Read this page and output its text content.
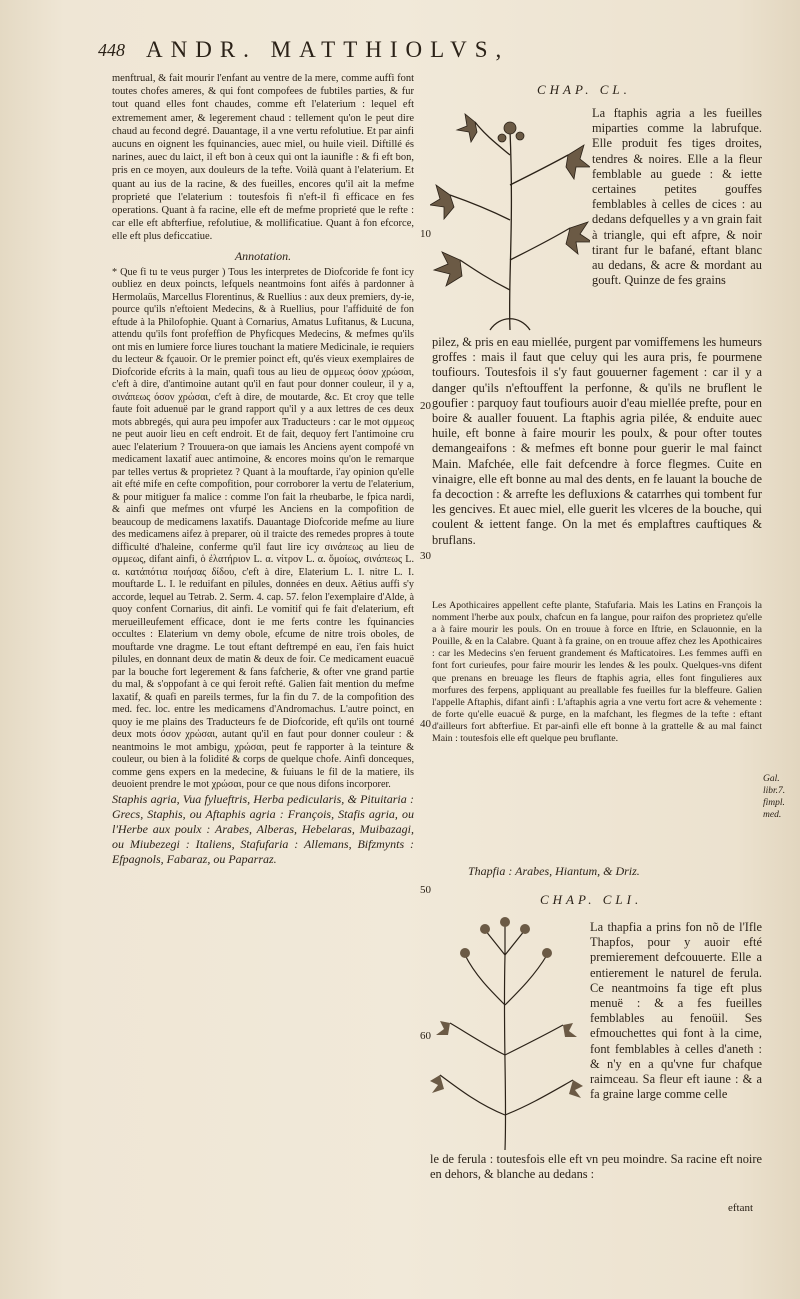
448 ANDR. MATTHIOLVS,

menftrual, & fait mourir l'enfant au ventre de la mere, comme auffi font toutes chofes ameres, & qui font compofees de fubtiles parties, & fur tout quand elles font chaudes, comme eft l'elaterium : lequel eft extremement amer, & legerement chaud : tellement qu'on le peut dire chaud au fecond degré. Dauantage, il a vne vertu refolutiue. Et par ainfi aucuns en oignent les fquinancies, auec miel, ou huile vieil. Diftillé és narines, auec du laict, il eft bon à ceux qui ont la iaunifle : & fi eft bon, pris en ce moyen, aux douleurs de la tefte. Voilà quant à l'elaterium. Et quant au ius de la racine, & des fueilles, encores qu'il ait la mefme proprieté que l'elaterium : toutesfois fi n'eft-il fi efficace en fes operations. Quant à fa racine, elle eft de mefme proprieté que le refte : car elle eft abfterfiue, refolutiue, & mollificatiue. Quant à fon efcorce, elle eft plus deficcatiue.

Annotation.

* Que fi tu te veus purger ) Tous les interpretes de Diofcoride fe font icy oubliez en deux poincts, lefquels neantmoins font aifés à pardonner à Hermolaüs, Marcellus Florentinus, & Ruellius : aux deux premiers, dy-ie, pource qu'ils n'eftoient Medecins, & à Ruellius, pour l'affiduité de fon eftude à la Philofophie. Quant à Cornarius, Amatus Lufitanus, & Lucuna, attendu qu'ils font profeffion de Phyficques Medecins, & mefmes qu'ils ont mis en lumiere force liures touchant la matiere Medicinale, ie requiers du lecteur & fçauoir. Or le premier poinct eft, qu'és vieux exemplaires de Diofcoride efcrits à la main, quafi tous au lieu de σμμεως όσον χρώσαι, c'eft à dire, d'antimoine autant qu'il en faut pour donner couleur, il y a, σινάπεως όσον χρώσαι, c'eft à dire, de moutarde, &c. Et croy que telle faute foit aduenuë par le grand rapport qu'il y a aux lettres de ces deux mots abbregés, qui aura peu impofer aux Traducteurs : car le mot σμμεως ne peut auoir lieu en ceft endroit. Et de fait, dequoy fert l'antimoine cru auec l'elaterium ? Trouuera-on que iamais les Anciens ayent compofé vn medicament laxatif auec antimoine, & encores moins qu'on le remarque par telles vertus & proprietez ? Quant à la mouftarde, i'ay opinion qu'elle ait efté mife en cefte compofition, pour corroborer la vertu de l'elaterium, & pour mitiguer fa malice : comme l'on fait la rheubarbe, le fpica nardi, & ainfi que mefmes ont vfurpé les Anciens en la compofition de beaucoup de medicamens laxatifs. Dauantage Diofcoride mefme au liure des medicamens aifez à preparer, où il traicte des remedes propres à toute difficulté d'haleine, conferme qu'il faut lire icy σινάπεως au lieu de σμμεως, difant ainfi, ὁ ἐλατήριον L. α. νίτρον L. α. ὅμοίως, σινάπεως L. α. κατάπότια ποιήσας δίδου, c'eft à dire, Elaterium L. I. nitre L. I. mouftarde L. I. le reduifant en pilules, données en deux. Aëtius auffi s'y accorde, lequel au Tetrab. 2. Serm. 4. cap. 57. felon l'exemplaire d'Alde, à quoy confent Cornarius, dit ainfi. Le vomitif qui fe fait d'elaterium, eft merueilleufement efficace, dont ie me ferts contre les fquinancies occultes : Elaterium vn demy obole, efcume de nitre trois oboles, de mouftarde vne dragme. Le tout eftant deftrempé en eau, i'en fais huict pilules, en donnant deux de matin & deux de foir. Ce medicament euacuë par la bouche fort legerement & fans fafcherie, & ofter vne grand partie du mal, & s'oppofant à ce qui feroit refté. Galien fait mention du mefme laxatif, & quafi en pareils termes, fur la fin du 7. de la compofition des med. fec. loc. entre les medicamens d'Andromachus. L'autre poinct, en quoy ie me plains des Traducteurs fe de Diofcoride, eft qu'ils ont tourné deux mots όσον χρώσαι, autant qu'il en faut pour donner couleur : & neantmoins le mot ambigu, χρώσαι, peut fe rapporter à la teinture & couleur, ou bien à la folidité & corps de quelque chofe. Ainfi donceques, comme gens expers en la medecine, & fuiuans le fil de la matiere, ils deuoient prendre le mot χρώσαι, pour ce que nous difons incorporer.

Staphis agria, Vua fylueftris, Herba pedicularis, & Pituitaria : Grecs, Staphis, ou Aftaphis agria : François, Stafis agria, ou l'Herbe aux poulx : Arabes, Alberas, Hebelaras, Muibazagi, ou Miubezegi : Italiens, Stafufaria : Allemans, Bifzmynts : Efpagnols, Fabaraz, ou Paparraz.

CHAP. CL.
La ftaphis agria a les fueilles miparties comme la labrufque. Elle produit fes tiges droites, tendres & noires. Elle a la fleur femblable au guede : & iette certaines petites gouffes femblables à celles de cices : au dedans defquelles y a vn grain fait à triangle, qui eft afpre, & noir tirant fur le bafané, eftant blanc au dedans, & acre & mordant au gouft. Quinze de fes grains
pilez, & pris en eau miellée, purgent par vomiffemens les humeurs groffes : mais il faut que celuy qui les aura pris, fe pourmene toufiours. Toutesfois il s'y faut gouuerner fagement : car il y a danger qu'ils n'eftouffent la perfonne, & qu'ils ne bruflent le goufier : parquoy faut toufiours auoir d'eau miellée prefte, pour en boire & aualler fouuent. La ftaphis agria pilée, & enduite auec huile, eft bonne à faire mourir les poulx, & pour ofter toutes demangeaifons : & mefmes eft bonne pour guerir le mal fainct Main. Mafchée, elle fait defcendre à force flegmes. Cuite en vinaigre, elle eft bonne au mal des dents, en fe lauant la bouche de fa decoction : & arrefte les defluxions & catarrhes qui tombent fur les gencives. Et auec miel, elle guerit les vlceres de la bouche, qui coulent & iettent fange. On la met és emplaftres cauftiques & bruflans.
Les Apothicaires appellent cefte plante, Stafufaria. Mais les Latins en François la nomment l'herbe aux poulx, chafcun en fa langue, pour raifon des proprietez qu'elle a à faire mourir les pouls. On en trouue à force en Iftrie, en Sclauonnie, en la Pouille, & en la Calabre. Quant à fa graine, on en trouue affez chez les Apothicaires : car les Medecins s'en feruent grandement és Mafticatoires. Les femmes auffi en font fort curieufes, pour faire mourir les lendes & les poulx. Quelques-vns difent que prenans en breuage les fleurs de ftaphis agria, elles font fingulieres aux morfures des ferpens, appliquant au preallable fes fueilles fur la bleffeure. Galien l'appelle Aftaphis, difant ainfi : L'aftaphis agria a vne vertu fort acre & vehemente : de forte qu'elle euacuë & purge, en la mafchant, les flegmes de la tefte : eftant d'ailleurs fort abfterfiue. Et par-ainfi elle eft bonne à la grattelle & au mal fainct Main : toutesfois elle eft quelque peu bruflante.
Gal. libr.7. fimpl. med.
Thapfia : Arabes, Hiantum, & Driz.
CHAP. CLI.
La thapfia a prins fon nõ de l'Ifle Thapfos, pour y auoir efté premierement defcouuerte. Elle a entierement le naturel de ferula. Ce neantmoins fa tige eft plus menuë : & a fes fueilles femblables au fenoüil. Ses efmouchettes qui font à la cime, font femblables à celles d'aneth : & n'y en a qu'vne fur chafque raimceau. Sa fleur eft iaune : & a fa graine large comme celle
le de ferula : toutesfois elle eft vn peu moindre. Sa racine eft noire en dehors, & blanche au dedans :
eftant
10
20
30
40
50
60
